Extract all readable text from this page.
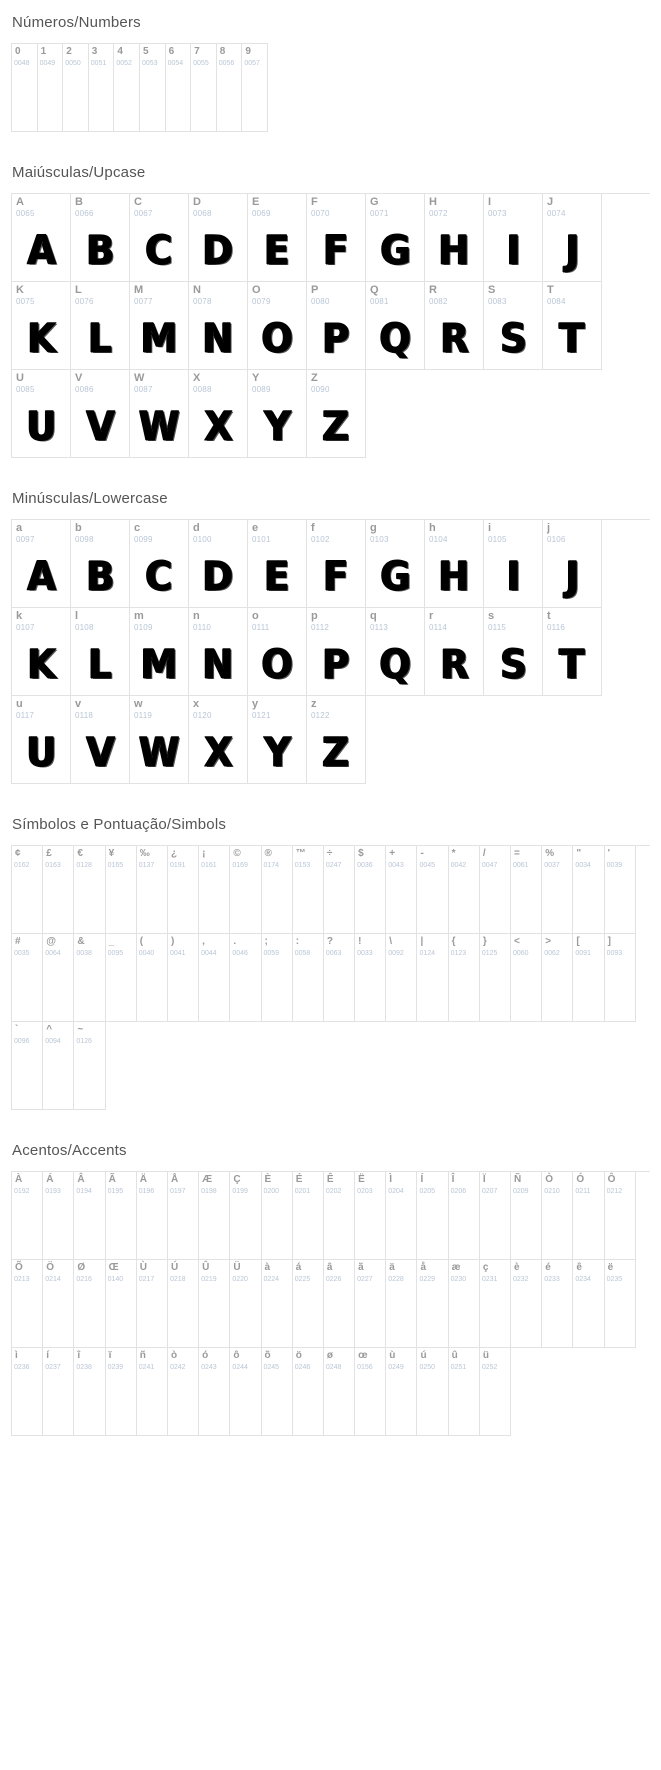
Números/Numbers
0
0048
1
0049
2
0050
3
0051
4
0052
5
0053
6
0054
7
0055
8
0056
9
0057
Maiúsculas/Upcase
A
0065
A
B
0066
B
C
0067
C
D
0068
D
E
0069
E
F
0070
F
G
0071
G
H
0072
H
I
0073
I
J
0074
J
K
0075
K
L
0076
L
M
0077
M
N
0078
N
O
0079
O
P
0080
P
Q
0081
Q
R
0082
R
S
0083
S
T
0084
T
U
0085
U
V
0086
V
W
0087
W
X
0088
X
Y
0089
Y
Z
0090
Z
Minúsculas/Lowercase
a
0097
A
b
0098
B
c
0099
C
d
0100
D
e
0101
E
f
0102
F
g
0103
G
h
0104
H
i
0105
I
j
0106
J
k
0107
K
l
0108
L
m
0109
M
n
0110
N
o
0111
O
p
0112
P
q
0113
Q
r
0114
R
s
0115
S
t
0116
T
u
0117
U
v
0118
V
w
0119
W
x
0120
X
y
0121
Y
z
0122
Z
Símbolos e Pontuação/Simbols
¢
0162
£
0163
€
0128
¥
0165
‰
0137
¿
0191
¡
0161
©
0169
®
0174
™
0153
÷
0247
$
0036
+
0043
-
0045
*
0042
/
0047
=
0061
%
0037
"
0034
'
0039
#
0035
@
0064
&
0038
_
0095
(
0040
)
0041
,
0044
.
0046
;
0059
:
0058
?
0063
!
0033
\
0092
|
0124
{
0123
}
0125
<
0060
>
0062
[
0091
]
0093
`
0096
^
0094
~
0126
Acentos/Accents
À
0192
Á
0193
Â
0194
Ã
0195
Ä
0196
Å
0197
Æ
0198
Ç
0199
È
0200
É
0201
Ê
0202
Ë
0203
Ì
0204
Í
0205
Î
0206
Ï
0207
Ñ
0209
Ò
0210
Ó
0211
Ô
0212
Õ
0213
Ö
0214
Ø
0216
Œ
0140
Ù
0217
Ú
0218
Û
0219
Ü
0220
à
0224
á
0225
â
0226
ã
0227
ä
0228
å
0229
æ
0230
ç
0231
è
0232
é
0233
ê
0234
ë
0235
ì
0236
í
0237
î
0238
ï
0239
ñ
0241
ò
0242
ó
0243
ô
0244
õ
0245
ö
0246
ø
0248
œ
0156
ù
0249
ú
0250
û
0251
ü
0252
